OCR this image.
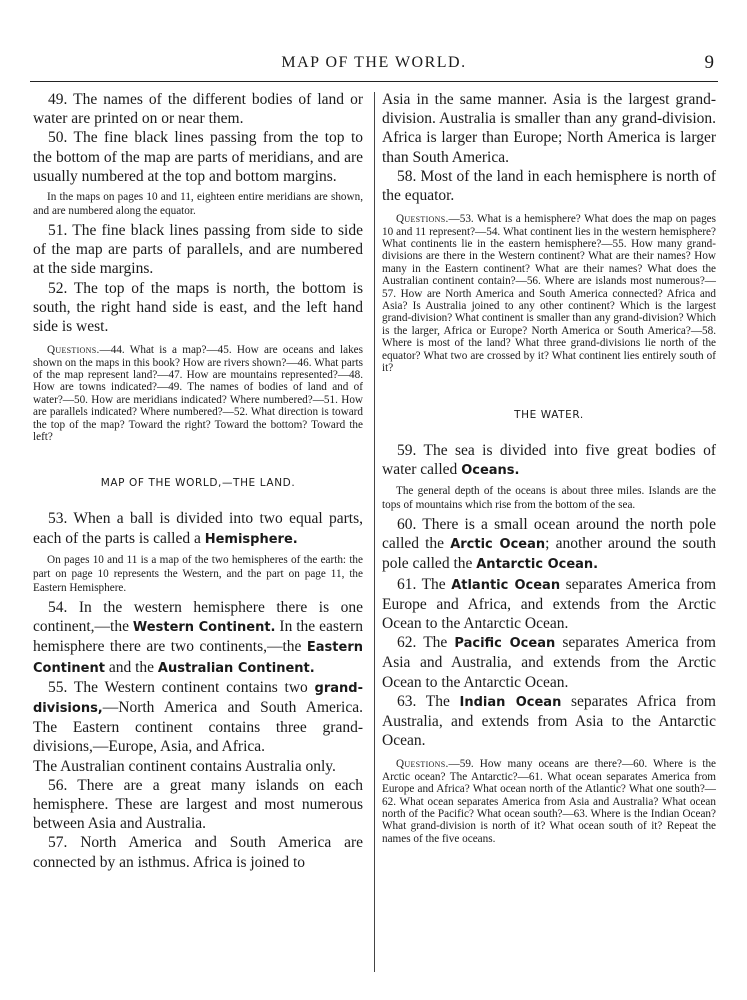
MAP OF THE WORLD.	9

49. The names of the different bodies of land or water are printed on or near them.

50. The fine black lines passing from the top to the bottom of the map are parts of meridians, and are usually numbered at the top and bottom margins.

In the maps on pages 10 and 11, eighteen entire meridians are shown, and are numbered along the equator.

51. The fine black lines passing from side to side of the map are parts of parallels, and are numbered at the side margins.

52. The top of the maps is north, the bottom is south, the right hand side is east, and the left hand side is west.

Questions.—44. What is a map?—45. How are oceans and lakes shown on the maps in this book? How are rivers shown?—46. What parts of the map represent land?—47. How are mountains represented?—48. How are towns indicated?—49. The names of bodies of land and of water?—50. How are meridians indicated? Where numbered?—51. How are parallels indicated? Where numbered?—52. What direction is toward the top of the map? Toward the right? Toward the bottom? Toward the left?

MAP OF THE WORLD,—THE LAND.

53. When a ball is divided into two equal parts, each of the parts is called a Hemisphere.

On pages 10 and 11 is a map of the two hemispheres of the earth: the part on page 10 represents the Western, and the part on page 11, the Eastern Hemisphere.

54. In the western hemisphere there is one continent,—the Western Continent. In the eastern hemisphere there are two continents,—the Eastern Continent and the Australian Continent.

55. The Western continent contains two grand-divisions,—North America and South America. The Eastern continent contains three grand-divisions,—Europe, Asia, and Africa.

The Australian continent contains Australia only.

56. There are a great many islands on each hemisphere. These are largest and most numerous between Asia and Australia.

57. North America and South America are connected by an isthmus. Africa is joined to

Asia in the same manner. Asia is the largest grand-division. Australia is smaller than any grand-division. Africa is larger than Europe; North America is larger than South America.

58. Most of the land in each hemisphere is north of the equator.

Questions.—53. What is a hemisphere? What does the map on pages 10 and 11 represent?—54. What continent lies in the western hemisphere? What continents lie in the eastern hemisphere?—55. How many grand-divisions are there in the Western continent? What are their names? How many in the Eastern continent? What are their names? What does the Australian continent contain?—56. Where are islands most numerous?—57. How are North America and South America connected? Africa and Asia? Is Australia joined to any other continent? Which is the largest grand-division? What continent is smaller than any grand-division? Which is the larger, Africa or Europe? North America or South America?—58. Where is most of the land? What three grand-divisions lie north of the equator? What two are crossed by it? What continent lies entirely south of it?

THE WATER.

59. The sea is divided into five great bodies of water called Oceans.

The general depth of the oceans is about three miles. Islands are the tops of mountains which rise from the bottom of the sea.

60. There is a small ocean around the north pole called the Arctic Ocean; another around the south pole called the Antarctic Ocean.

61. The Atlantic Ocean separates America from Europe and Africa, and extends from the Arctic Ocean to the Antarctic Ocean.

62. The Pacific Ocean separates America from Asia and Australia, and extends from the Arctic Ocean to the Antarctic Ocean.

63. The Indian Ocean separates Africa from Australia, and extends from Asia to the Antarctic Ocean.

Questions.—59. How many oceans are there?—60. Where is the Arctic ocean? The Antarctic?—61. What ocean separates America from Europe and Africa? What ocean north of the Atlantic? What one south?—62. What ocean separates America from Asia and Australia? What ocean north of the Pacific? What ocean south?—63. Where is the Indian Ocean? What grand-division is north of it? What ocean south of it? Repeat the names of the five oceans.
